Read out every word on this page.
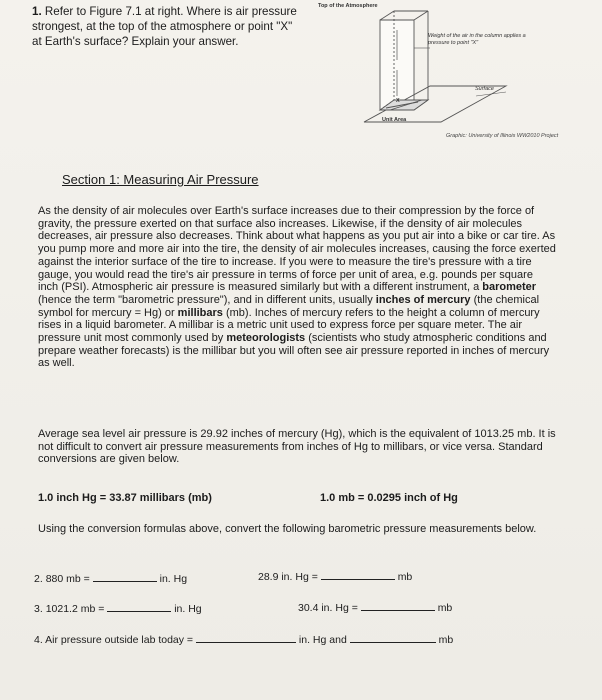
1. Refer to Figure 7.1 at right. Where is air pressure strongest, at the top of the atmosphere or point "X" at Earth's surface? Explain your answer.
Top of the Atmosphere
Weight of the air in the column applies a pressure to point "X"
Surface
Unit Area
Graphic: University of Illinois WW2010 Project
X
Section 1: Measuring Air Pressure
As the density of air molecules over Earth's surface increases due to their compression by the force of gravity, the pressure exerted on that surface also increases. Likewise, if the density of air molecules decreases, air pressure also decreases. Think about what happens as you put air into a bike or car tire. As you pump more and more air into the tire, the density of air molecules increases, causing the force exerted against the interior surface of the tire to increase. If you were to measure the tire's pressure with a tire gauge, you would read the tire's air pressure in terms of force per unit of area, e.g. pounds per square inch (PSI). Atmospheric air pressure is measured similarly but with a different instrument, a barometer (hence the term "barometric pressure"), and in different units, usually inches of mercury (the chemical symbol for mercury = Hg) or millibars (mb). Inches of mercury refers to the height a column of mercury rises in a liquid barometer. A millibar is a metric unit used to express force per square meter. The air pressure unit most commonly used by meteorologists (scientists who study atmospheric conditions and prepare weather forecasts) is the millibar but you will often see air pressure reported in inches of mercury as well.
Average sea level air pressure is 29.92 inches of mercury (Hg), which is the equivalent of 1013.25 mb. It is not difficult to convert air pressure measurements from inches of Hg to millibars, or vice versa. Standard conversions are given below.
1.0 inch Hg = 33.87 millibars (mb)	1.0 mb = 0.0295 inch of Hg
Using the conversion formulas above, convert the following barometric pressure measurements below.
2. 880 mb =	in. Hg	28.9 in. Hg =	mb
3. 1021.2 mb =	in. Hg	30.4 in. Hg =	mb
4. Air pressure outside lab today =	in. Hg and	mb
